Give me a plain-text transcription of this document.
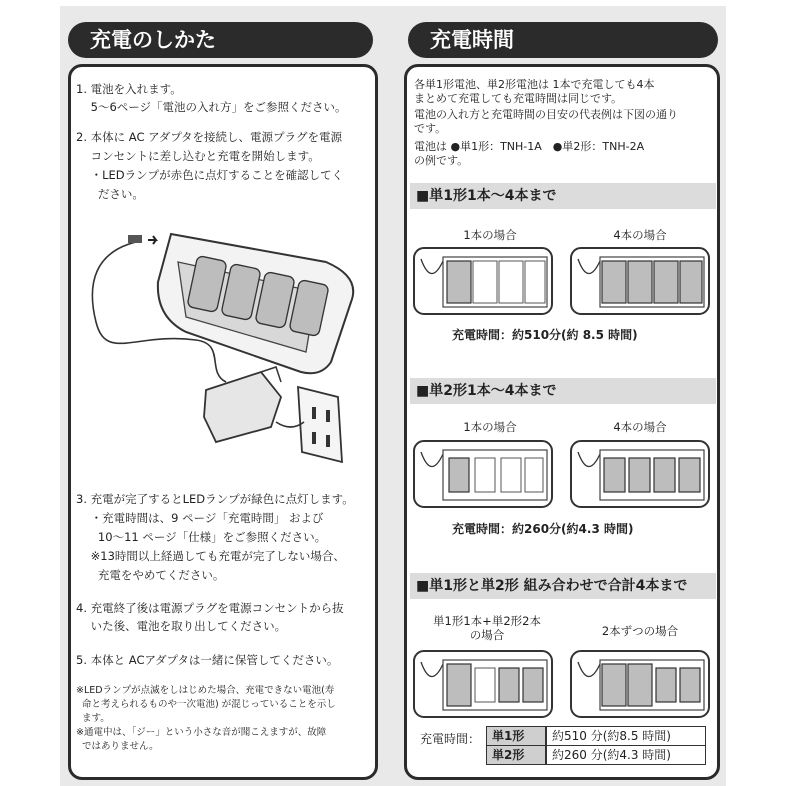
充電のしかた
1. 電池を入れます。
5～6ページ「電池の入れ方」をご参照ください。
2. 本体に AC アダプタを接続し、電源プラグを電源
コンセントに差し込むと充電を開始します。
・LEDランプが赤色に点灯することを確認してく
ださい。
3. 充電が完了するとLEDランプが緑色に点灯します。
・充電時間は、9 ページ「充電時間」 および
10～11 ページ「仕様」をご参照ください。
※13時間以上経過しても充電が完了しない場合、
充電をやめてください。
4. 充電終了後は電源プラグを電源コンセントから抜
いた後、電池を取り出してください。
5. 本体と ACアダプタは一緒に保管してください。
※LEDランプが点滅をしはじめた場合、充電できない電池(寿
命と考えられるものや一次電池) が混じっていることを示し
ます。
※通電中は、「ジー」という小さな音が聞こえますが、故障
ではありません。
充電時間
各単1形電池、単2形電池は 1本で充電しても4本
まとめて充電しても充電時間は同じです。
電池の入れ方と充電時間の目安の代表例は下図の通り
です。
電池は ●単1形：TNH-1A　●単2形：TNH-2A
の例です。
■単1形1本～4本まで
1本の場合	4本の場合
充電時間：約510分(約 8.5 時間)
■単2形1本～4本まで
1本の場合	4本の場合
充電時間：約260分(約4.3 時間)
■単1形と単2形 組み合わせで合計4本まで
単1形1本+単2形2本
の場合	2本ずつの場合
充電時間： 単1形	約510 分(約8.5 時間)
単2形	約260 分(約4.3 時間)
